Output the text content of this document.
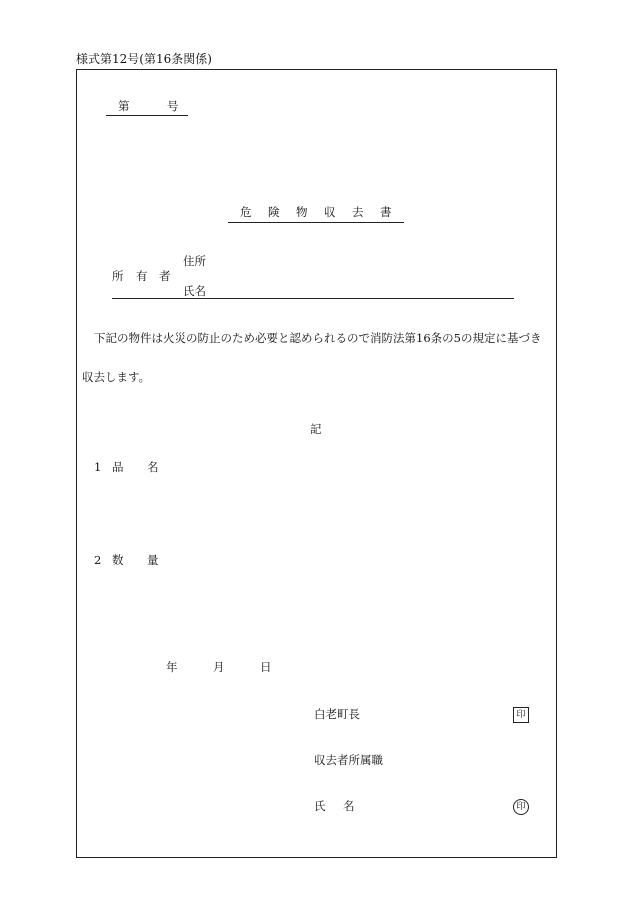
様式第12号(第16条関係)
第	号
危 険 物 収 去 書
所 有 者
住所
氏名
下記の物件は火災の防止のため必要と認められるので消防法第16条の5の規定に基づき
収去します。
記
1 品 名
2 数 量
年	月	日
白老町長	印
収去者所属職
氏 名	印
